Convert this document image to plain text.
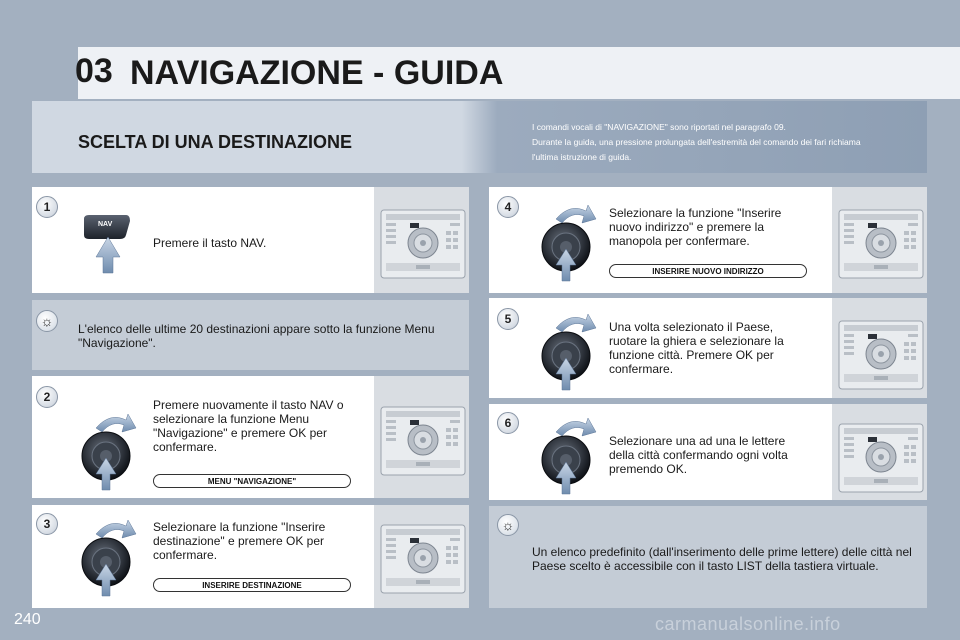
03 NAVIGAZIONE - GUIDA
SCELTA DI UNA DESTINAZIONE
I comandi vocali di "NAVIGAZIONE" sono riportati nel paragrafo 09.
Durante la guida, una pressione prolungata dell'estremità del comando dei fari richiama
l'ultima istruzione di guida.
1
NAV
Premere il tasto NAV.
☼	L'elenco delle ultime 20 destinazioni appare sotto la funzione Menu "Navigazione".
2
Premere nuovamente il tasto NAV o selezionare la funzione Menu "Navigazione" e premere OK per confermare.
MENU "NAVIGAZIONE"
3	Selezionare la funzione "Inserire destinazione" e premere OK per confermare.
INSERIRE DESTINAZIONE
4	Selezionare la funzione "Inserire nuovo indirizzo" e premere la manopola per confermare.
INSERIRE NUOVO INDIRIZZO
5
Una volta selezionato il Paese, ruotare la ghiera e selezionare la funzione città. Premere OK per confermare.
6
Selezionare una ad una le lettere della città confermando ogni volta premendo OK.
☼
Un elenco predefinito (dall'inserimento delle prime lettere) delle città nel Paese scelto è accessibile con il tasto LIST della tastiera virtuale.
240	carmanualsonline.info
